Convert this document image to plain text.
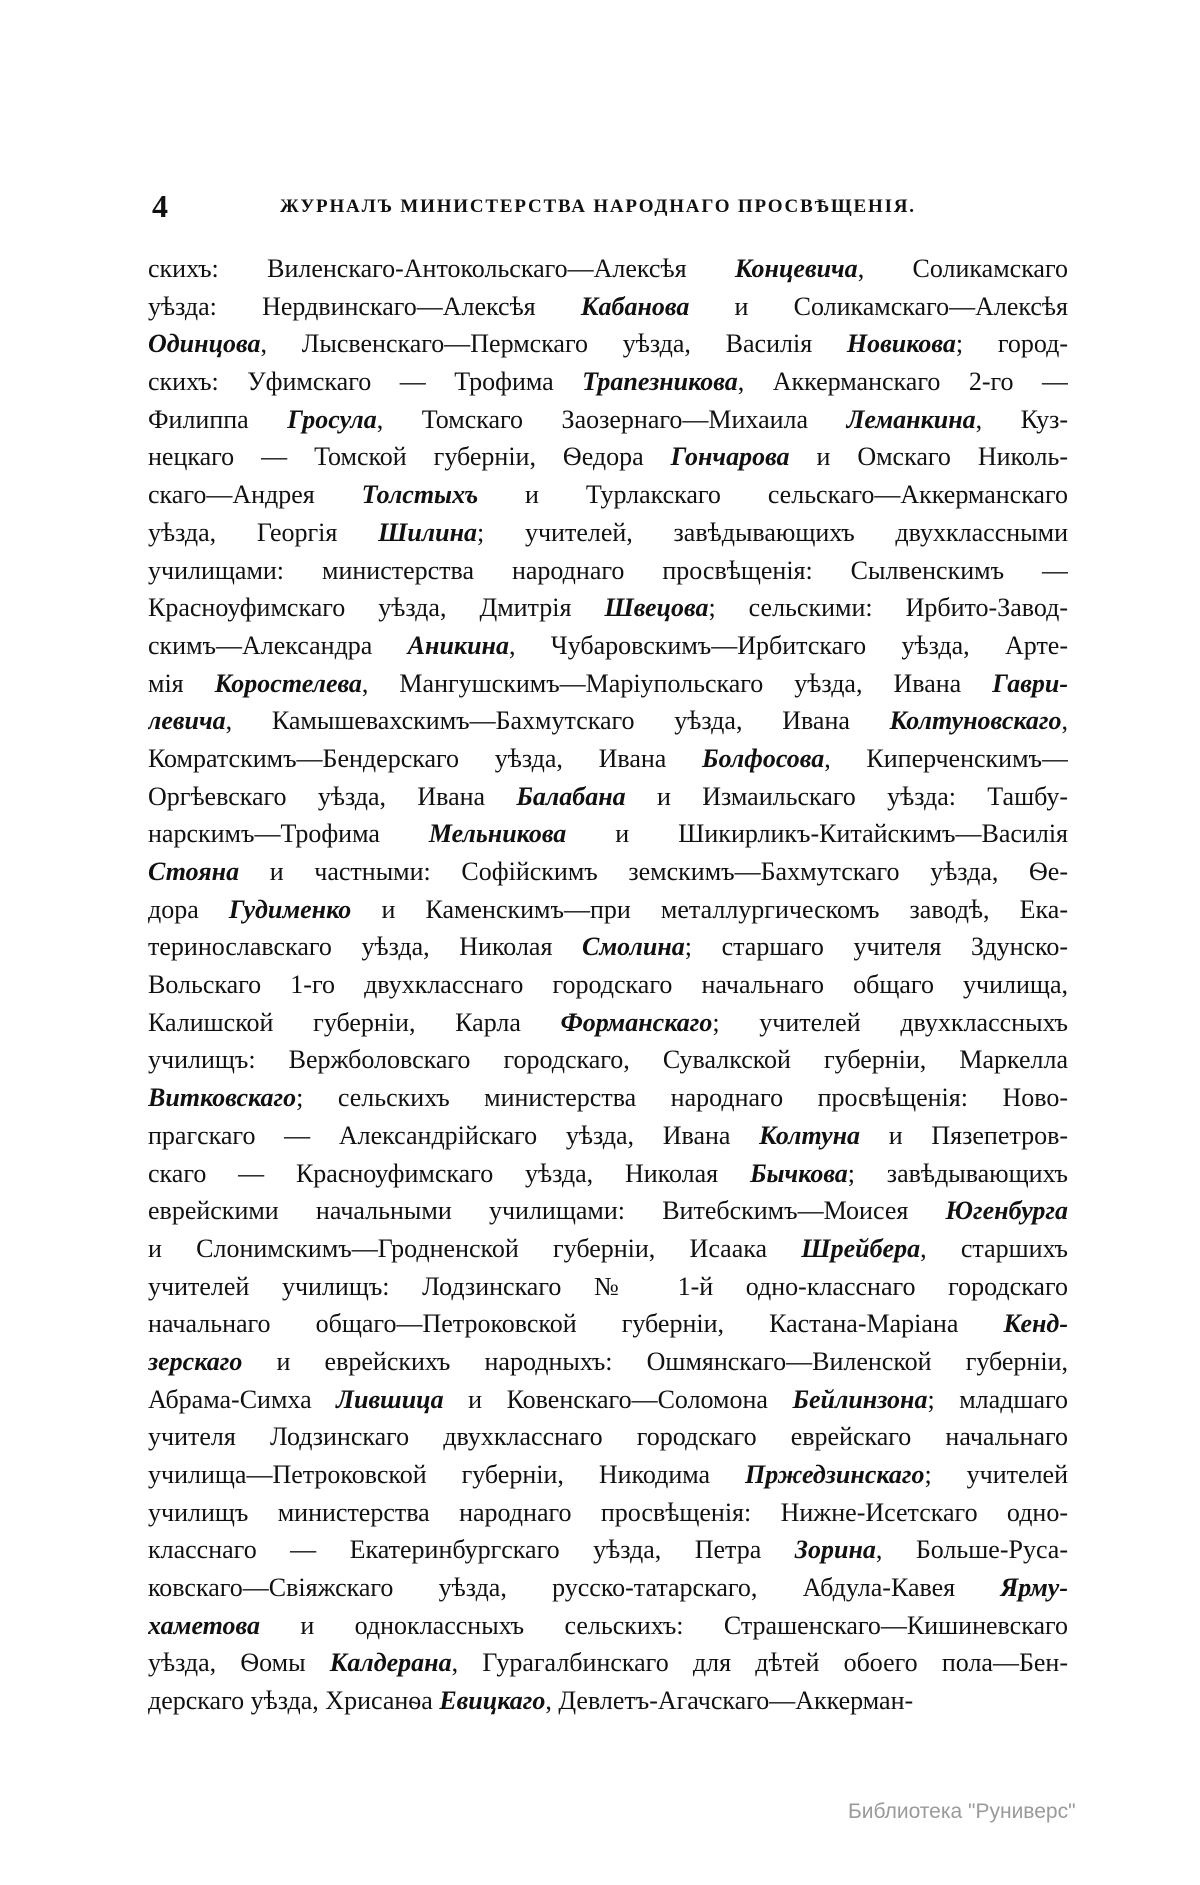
4	ЖУРНАЛЪ МИНИСТЕРСТВА НАРОДНАГО ПРОСВѢЩЕНІЯ.
скихъ: Виленскаго-Антокольскаго—Алексѣя Концевича, Соликамскаго
уѣзда: Нердвинскаго—Алексѣя Кабанова и Соликамскаго—Алексѣя
Одинцова, Лысвенскаго—Пермскаго уѣзда, Василія Новикова; город-
скихъ: Уфимскаго — Трофима Трапезникова, Аккерманскаго 2-го —
Филиппа Гросула, Томскаго Заозернаго—Михаила Леманкина, Куз-
нецкаго — Томской губерніи, Ѳедора Гончарова и Омскаго Николь-
скаго—Андрея Толстыхъ и Турлакскаго сельскаго—Аккерманскаго
уѣзда, Георгія Шилина; учителей, завѣдывающихъ двухклассными
училищами: министерства народнаго просвѣщенія: Сылвенскимъ —
Красноуфимскаго уѣзда, Дмитрія Швецова; сельскими: Ирбито-Завод-
скимъ—Александра Аникина, Чубаровскимъ—Ирбитскаго уѣзда, Арте-
мія Коростелева, Мангушскимъ—Маріупольскаго уѣзда, Ивана Гаври-
левича, Камышевахскимъ—Бахмутскаго уѣзда, Ивана Колтуновскаго,
Комратскимъ—Бендерскаго уѣзда, Ивана Болфосова, Киперченскимъ—
Оргѣевскаго уѣзда, Ивана Балабана и Измаильскаго уѣзда: Ташбу-
нарскимъ—Трофима Мельникова и Шикирликъ-Китайскимъ—Василія
Стояна и частными: Софійскимъ земскимъ—Бахмутскаго уѣзда, Ѳе-
дора Гудименко и Каменскимъ—при металлургическомъ заводѣ, Ека-
теринославскаго уѣзда, Николая Смолина; старшаго учителя Здунско-
Вольскаго 1-го двухкласснаго городскаго начальнаго общаго училища,
Калишской губерніи, Карла Форманскаго; учителей двухклассныхъ
училищъ: Вержболовскаго городскаго, Сувалкской губерніи, Маркелла
Витковскаго; сельскихъ министерства народнаго просвѣщенія: Ново-
прагскаго — Александрійскаго уѣзда, Ивана Колтуна и Пязепетров-
скаго — Красноуфимскаго уѣзда, Николая Бычкова; завѣдывающихъ
еврейскими начальными училищами: Витебскимъ—Моисея Югенбурга
и Слонимскимъ—Гродненской губерніи, Исаака Шрейбера, старшихъ
учителей училищъ: Лодзинскаго № 1-й одно-класснаго городскаго
начальнаго общаго—Петроковской губерніи, Кастана-Маріана Кенд-
зерскаго и еврейскихъ народныхъ: Ошмянскаго—Виленской губерніи,
Абрама-Симха Лившица и Ковенскаго—Соломона Бейлинзона; младшаго
учителя Лодзинскаго двухкласснаго городскаго еврейскаго начальнаго
училища—Петроковской губерніи, Никодима Пржедзинскаго; учителей
училищъ министерства народнаго просвѣщенія: Нижне-Исетскаго одно-
класснаго — Екатеринбургскаго уѣзда, Петра Зорина, Больше-Руса-
ковскаго—Свіяжскаго уѣзда, русско-татарскаго, Абдула-Кавея Ярму-
хаметова и одноклассныхъ сельскихъ: Страшенскаго—Кишиневскаго
уѣзда, Ѳомы Калдерана, Гурагалбинскаго для дѣтей обоего пола—Бен-
дерскаго уѣзда, Хрисанѳа Евицкаго, Девлетъ-Агачскаго—Аккерман-
Библиотека "Руниверс"
